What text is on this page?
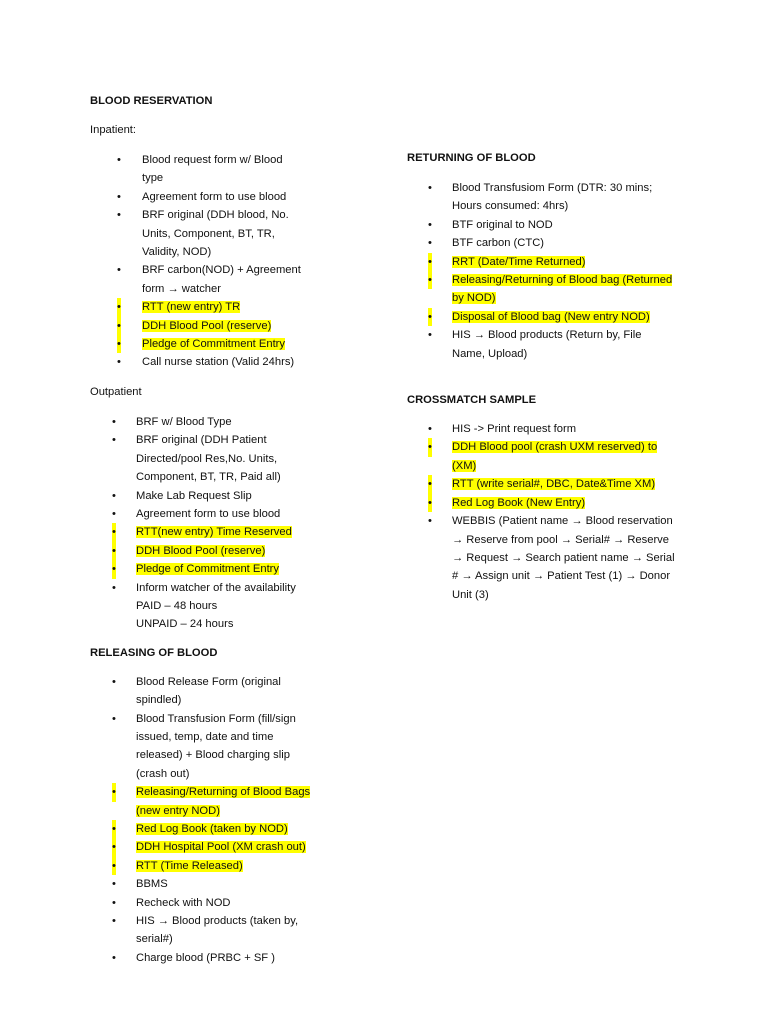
BLOOD RESERVATION

Inpatient:

• Blood request form w/ Blood type
• Agreement form to use blood
• BRF original (DDH blood, No. Units, Component, BT, TR, Validity, NOD)
• BRF carbon(NOD) + Agreement form → watcher
• RTT (new entry) TR
• DDH Blood Pool (reserve)
• Pledge of Commitment Entry
• Call nurse station (Valid 24hrs)

Outpatient

• BRF w/ Blood Type
• BRF original (DDH Patient Directed/pool Res,No. Units, Component, BT, TR, Paid all)
• Make Lab Request Slip
• Agreement form to use blood
• RTT(new entry) Time Reserved
• DDH Blood Pool (reserve)
• Pledge of Commitment Entry
• Inform watcher of the availability
PAID – 48 hours
UNPAID – 24 hours

RELEASING OF BLOOD

• Blood Release Form (original spindled)
• Blood Transfusion Form (fill/sign issued, temp, date and time released) + Blood charging slip (crash out)
• Releasing/Returning of Blood Bags (new entry NOD)
• Red Log Book (taken by NOD)
• DDH Hospital Pool (XM crash out)
• RTT (Time Released)
• BBMS
• Recheck with NOD
• HIS → Blood products (taken by, serial#)
• Charge blood (PRBC + SF )

RETURNING OF BLOOD

• Blood Transfusiom Form (DTR: 30 mins; Hours consumed: 4hrs)
• BTF original to NOD
• BTF carbon (CTC)
• RRT (Date/Time Returned)
• Releasing/Returning of Blood bag (Returned by NOD)
• Disposal of Blood bag (New entry NOD)
• HIS → Blood products (Return by, File Name, Upload)

CROSSMATCH SAMPLE

• HIS -> Print request form
• DDH Blood pool (crash UXM reserved) to (XM)
• RTT (write serial#, DBC, Date&Time XM)
• Red Log Book (New Entry)
• WEBBIS (Patient name → Blood reservation → Reserve from pool → Serial# → Reserve → Request → Search patient name → Serial # → Assign unit → Patient Test (1) → Donor Unit (3)
